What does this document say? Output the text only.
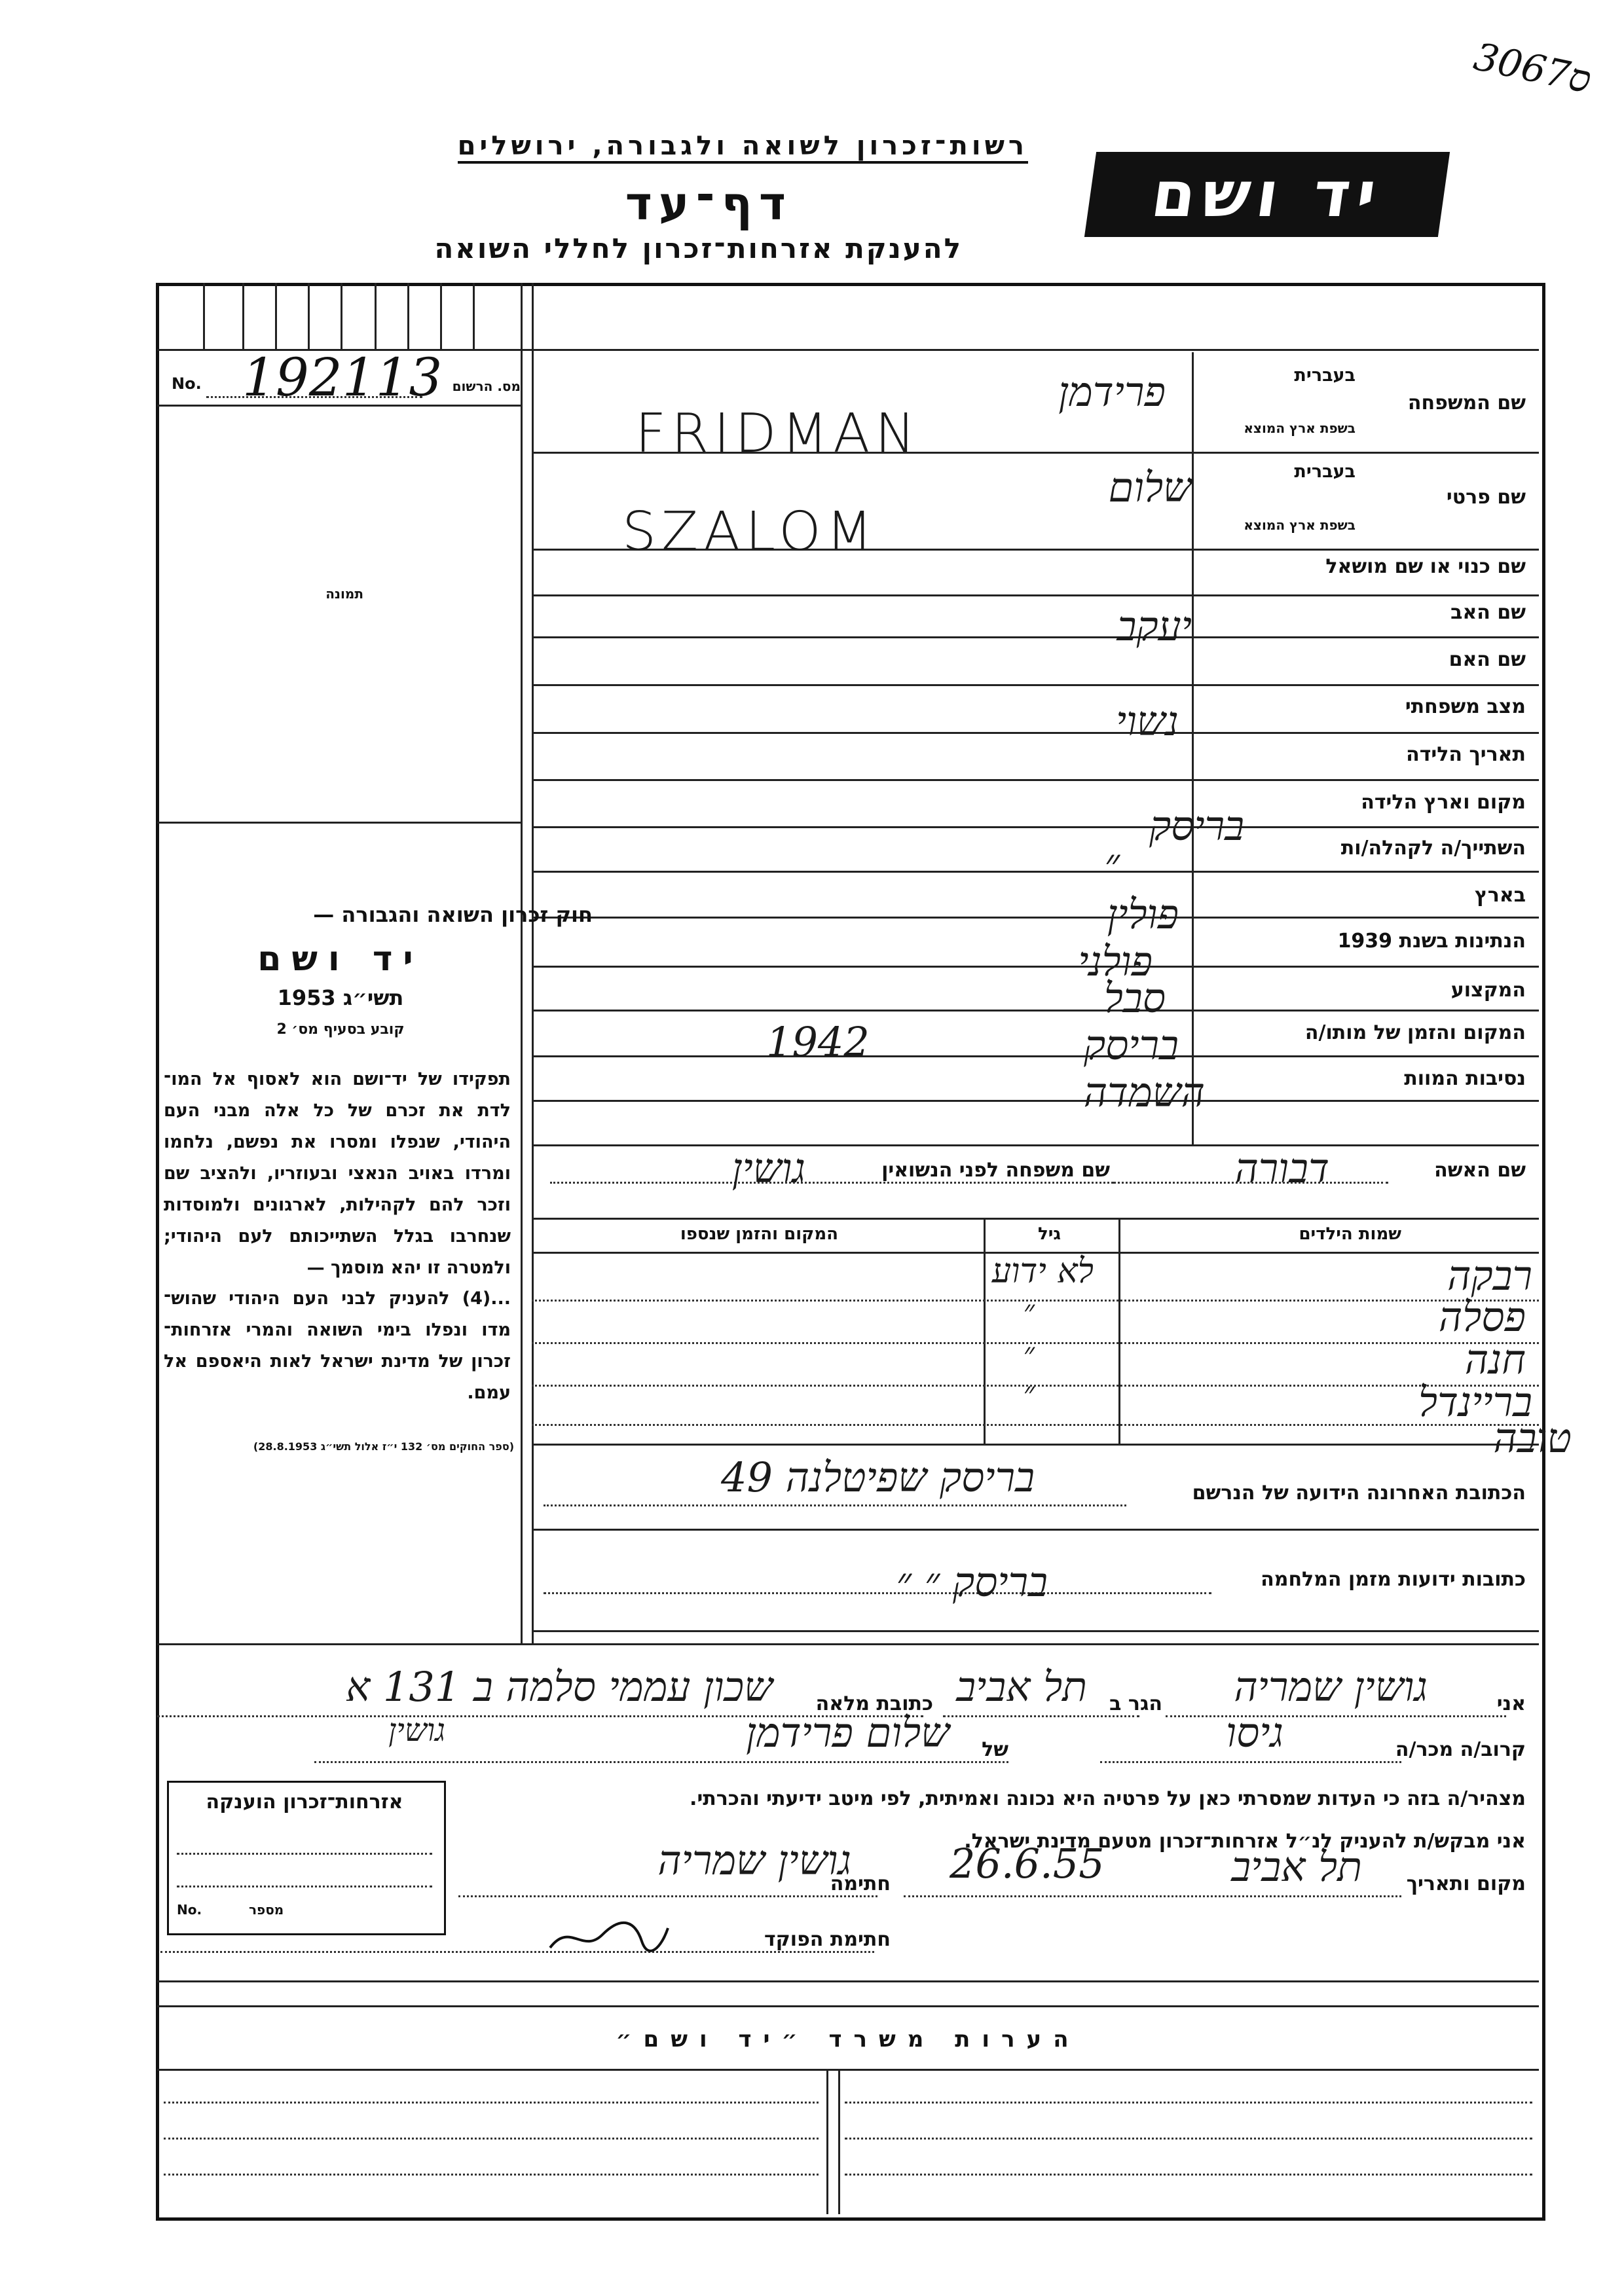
3067ס
רשות־זכרון לשואה ולגבורה, ירושלים
דף־עד
להענקת אזרחות־זכרון לחללי השואה
יד ושם
No. 192113 מס. הרשום
תמונה
שם המשפחה
בעברית
בשפת ארץ המוצא
פרידמן
FRIDMAN
שם פרטי
בעברית
בשפת ארץ המוצא
שלום
SZALOM
שם כנוי או שם מושאל
שם האב
יעקב
שם האם
מצב משפחתי
נשוי
תאריך הלידה
מקום וארץ הלידה
בריסק	השתייך/ה לקהלה/ות
״
בארץ
פולין
הנתינות בשנת 1939
פולני
המקצוע
סבל
המקום והזמן של מותו/ה
בריסק
1942
נסיבות המוות
השמדה
שם האשה
דבורה
שם משפחה לפני הנשואין
גושין
שמות הילדים
גיל
המקום והזמן שנספו
רבקה
לא ידוע
פסלה
״
חנה
״
בריינדל
״
טובה
הכתובת האחרונה הידועה של הנרשם
בריסק שפיטלנה 49
כתובות ידועות מזמן המלחמה
בריסק ״ ״
חוק זכרון השואה והגבורה —
יד ושם
תשי״ג 1953
קובע בסעיף מס׳ 2
תפקידו של יד־ושם הוא לאסוף אל המו־ לדת את זכרם של כל אלה מבני העם היהודי, שנפלו ומסרו את נפשם, נלחמו ומרדו באויב הנאצי ובעוזריו, ולהציב שם וזכר להם לקהילות, לארגונים ולמוסדות שנחרבו בגלל השתייכותם לעם היהודי; ולמטרה זו יהא מוסמך —
...(4) להעניק לבני העם היהודי שהוש־ מדו ונפלו בימי השואה והמרי אזרחות־ זכרון של מדינת ישראל לאות היאספם אל עמם.
(ספר החוקים מס׳ 132 י״ז אלול תשי״ג 28.8.1953)
אני
גושין שמריה
הגר ב
תל אביב
כתובת מלאה
שכון עממי סלמה ב 131 א
קרוב/ה מכר/ה
גיסו
של
שלום פרידמן
גושין
מצהיר/ה בזה כי העדות שמסרתי כאן על פרטיה היא נכונה ואמיתית, לפי מיטב ידיעתי והכרתי.
אני מבקש/ת להעניק לנ״ל אזרחות־זכרון מטעם מדינת ישראל.
מקום ותאריך
תל אביב
26.6.55
חתימה
גושין שמריה
חתימת הפוקד
אזרחות־זכרון הוענקה
No.	מספר
הערות משרד ״יד ושם״
